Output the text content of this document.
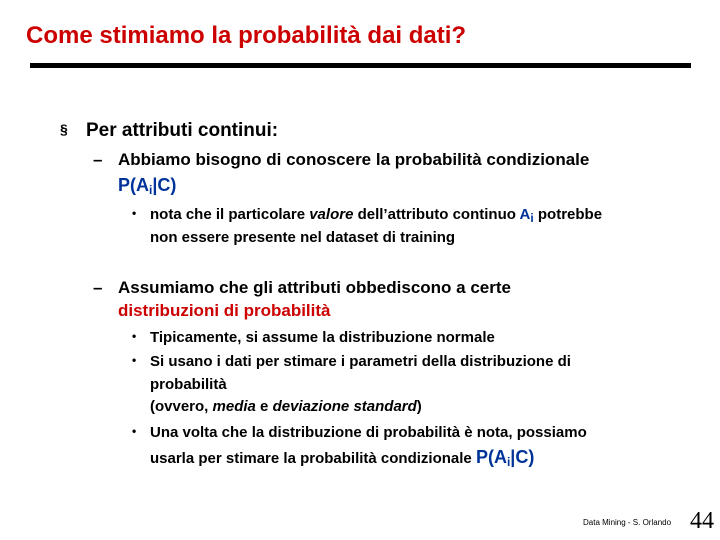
Come stimiamo la probabilità dai dati?
§ Per attributi continui:
– Abbiamo bisogno di conoscere la probabilità condizionale
$P(A_i|C)$
• nota che il particolare valore dell’attributo continuo $A_i$ potrebbe
non essere presente nel dataset di training
– Assumiamo che gli attributi obbediscono a certe
distribuzioni di probabilità
• Tipicamente, si assume la distribuzione normale
• Si usano i dati per stimare i parametri della distribuzione di
probabilità
(ovvero, media e deviazione standard)
• Una volta che la distribuzione di probabilità è nota, possiamo
usarla per stimare la probabilità condizionale $P(A_i|C)$
Data Mining - S. Orlando 44
